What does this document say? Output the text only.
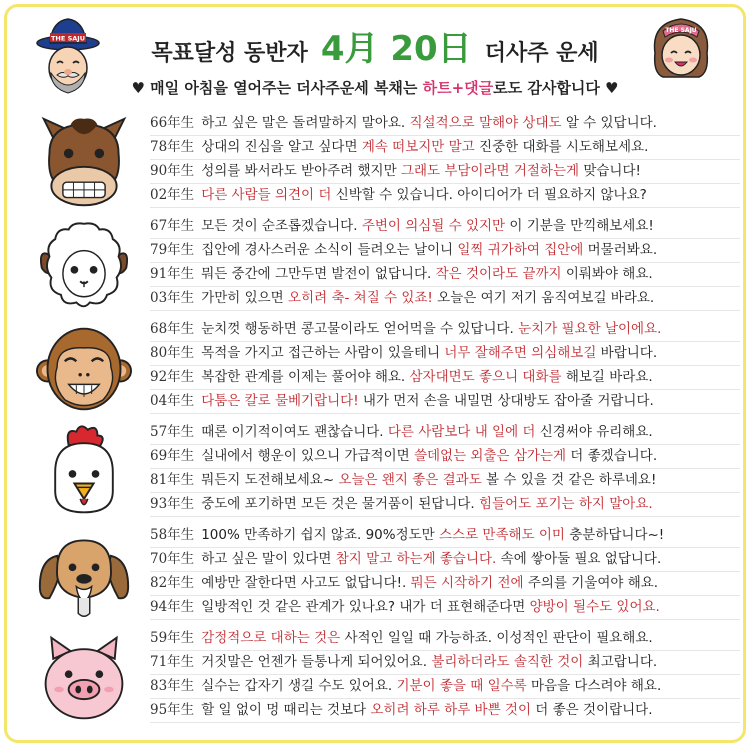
THE SAJU
목표달성 동반자 4月 20日 더사주 운세
♥ 매일 아침을 열어주는 더사주운세 복채는 하트+댓글로도 감사합니다 ♥
THE SAJU
66年生 하고 싶은 말은 돌려말하지 말아요. 직설적으로 말해야 상대도 알 수 있답니다.
78年生 상대의 진심을 알고 싶다면 계속 떠보지만 말고 진중한 대화를 시도해보세요.
90年生 성의를 봐서라도 받아주려 했지만 그래도 부담이라면 거절하는게 맞습니다!
02年生 다른 사람들 의견이 더 신박할 수 있습니다. 아이디어가 더 필요하지 않나요?
67年生 모든 것이 순조롭겠습니다. 주변이 의심될 수 있지만 이 기분을 만끽해보세요!
79年生 집안에 경사스러운 소식이 들려오는 날이니 일찍 귀가하여 집안에 머물러봐요.
91年生 뭐든 중간에 그만두면 발전이 없답니다. 작은 것이라도 끝까지 이뤄봐야 해요.
03年生 가만히 있으면 오히려 축- 쳐질 수 있죠! 오늘은 여기 저기 움직여보길 바라요.
68年生 눈치껏 행동하면 콩고물이라도 얻어먹을 수 있답니다. 눈치가 필요한 날이에요.
80年生 목적을 가지고 접근하는 사람이 있을테니 너무 잘해주면 의심해보길 바랍니다.
92年生 복잡한 관계를 이제는 풀어야 해요. 삼자대면도 좋으니 대화를 해보길 바라요.
04年生 다툼은 칼로 물베기랍니다! 내가 먼저 손을 내밀면 상대방도 잡아줄 거랍니다.
57年生 때론 이기적이여도 괜찮습니다. 다른 사람보다 내 일에 더 신경써야 유리해요.
69年生 실내에서 행운이 있으니 가급적이면 쓸데없는 외출은 삼가는게 더 좋겠습니다.
81年生 뭐든지 도전해보세요~ 오늘은 왠지 좋은 결과도 볼 수 있을 것 같은 하루네요!
93年生 중도에 포기하면 모든 것은 물거품이 된답니다. 힘들어도 포기는 하지 말아요.
58年生 100% 만족하기 쉽지 않죠. 90%정도만 스스로 만족해도 이미 충분하답니다~!
70年生 하고 싶은 말이 있다면 참지 말고 하는게 좋습니다. 속에 쌓아둘 필요 없답니다.
82年生 예방만 잘한다면 사고도 없답니다!. 뭐든 시작하기 전에 주의를 기울여야 해요.
94年生 일방적인 것 같은 관계가 있나요? 내가 더 표현해준다면 양방이 될수도 있어요.
59年生 감정적으로 대하는 것은 사적인 일일 때 가능하죠. 이성적인 판단이 필요해요.
71年生 거짓말은 언젠가 들통나게 되어있어요. 불리하더라도 솔직한 것이 최고랍니다.
83年生 실수는 갑자기 생길 수도 있어요. 기분이 좋을 때 일수록 마음을 다스려야 해요.
95年生 할 일 없이 멍 때리는 것보다 오히려 하루 하루 바쁜 것이 더 좋은 것이랍니다.
